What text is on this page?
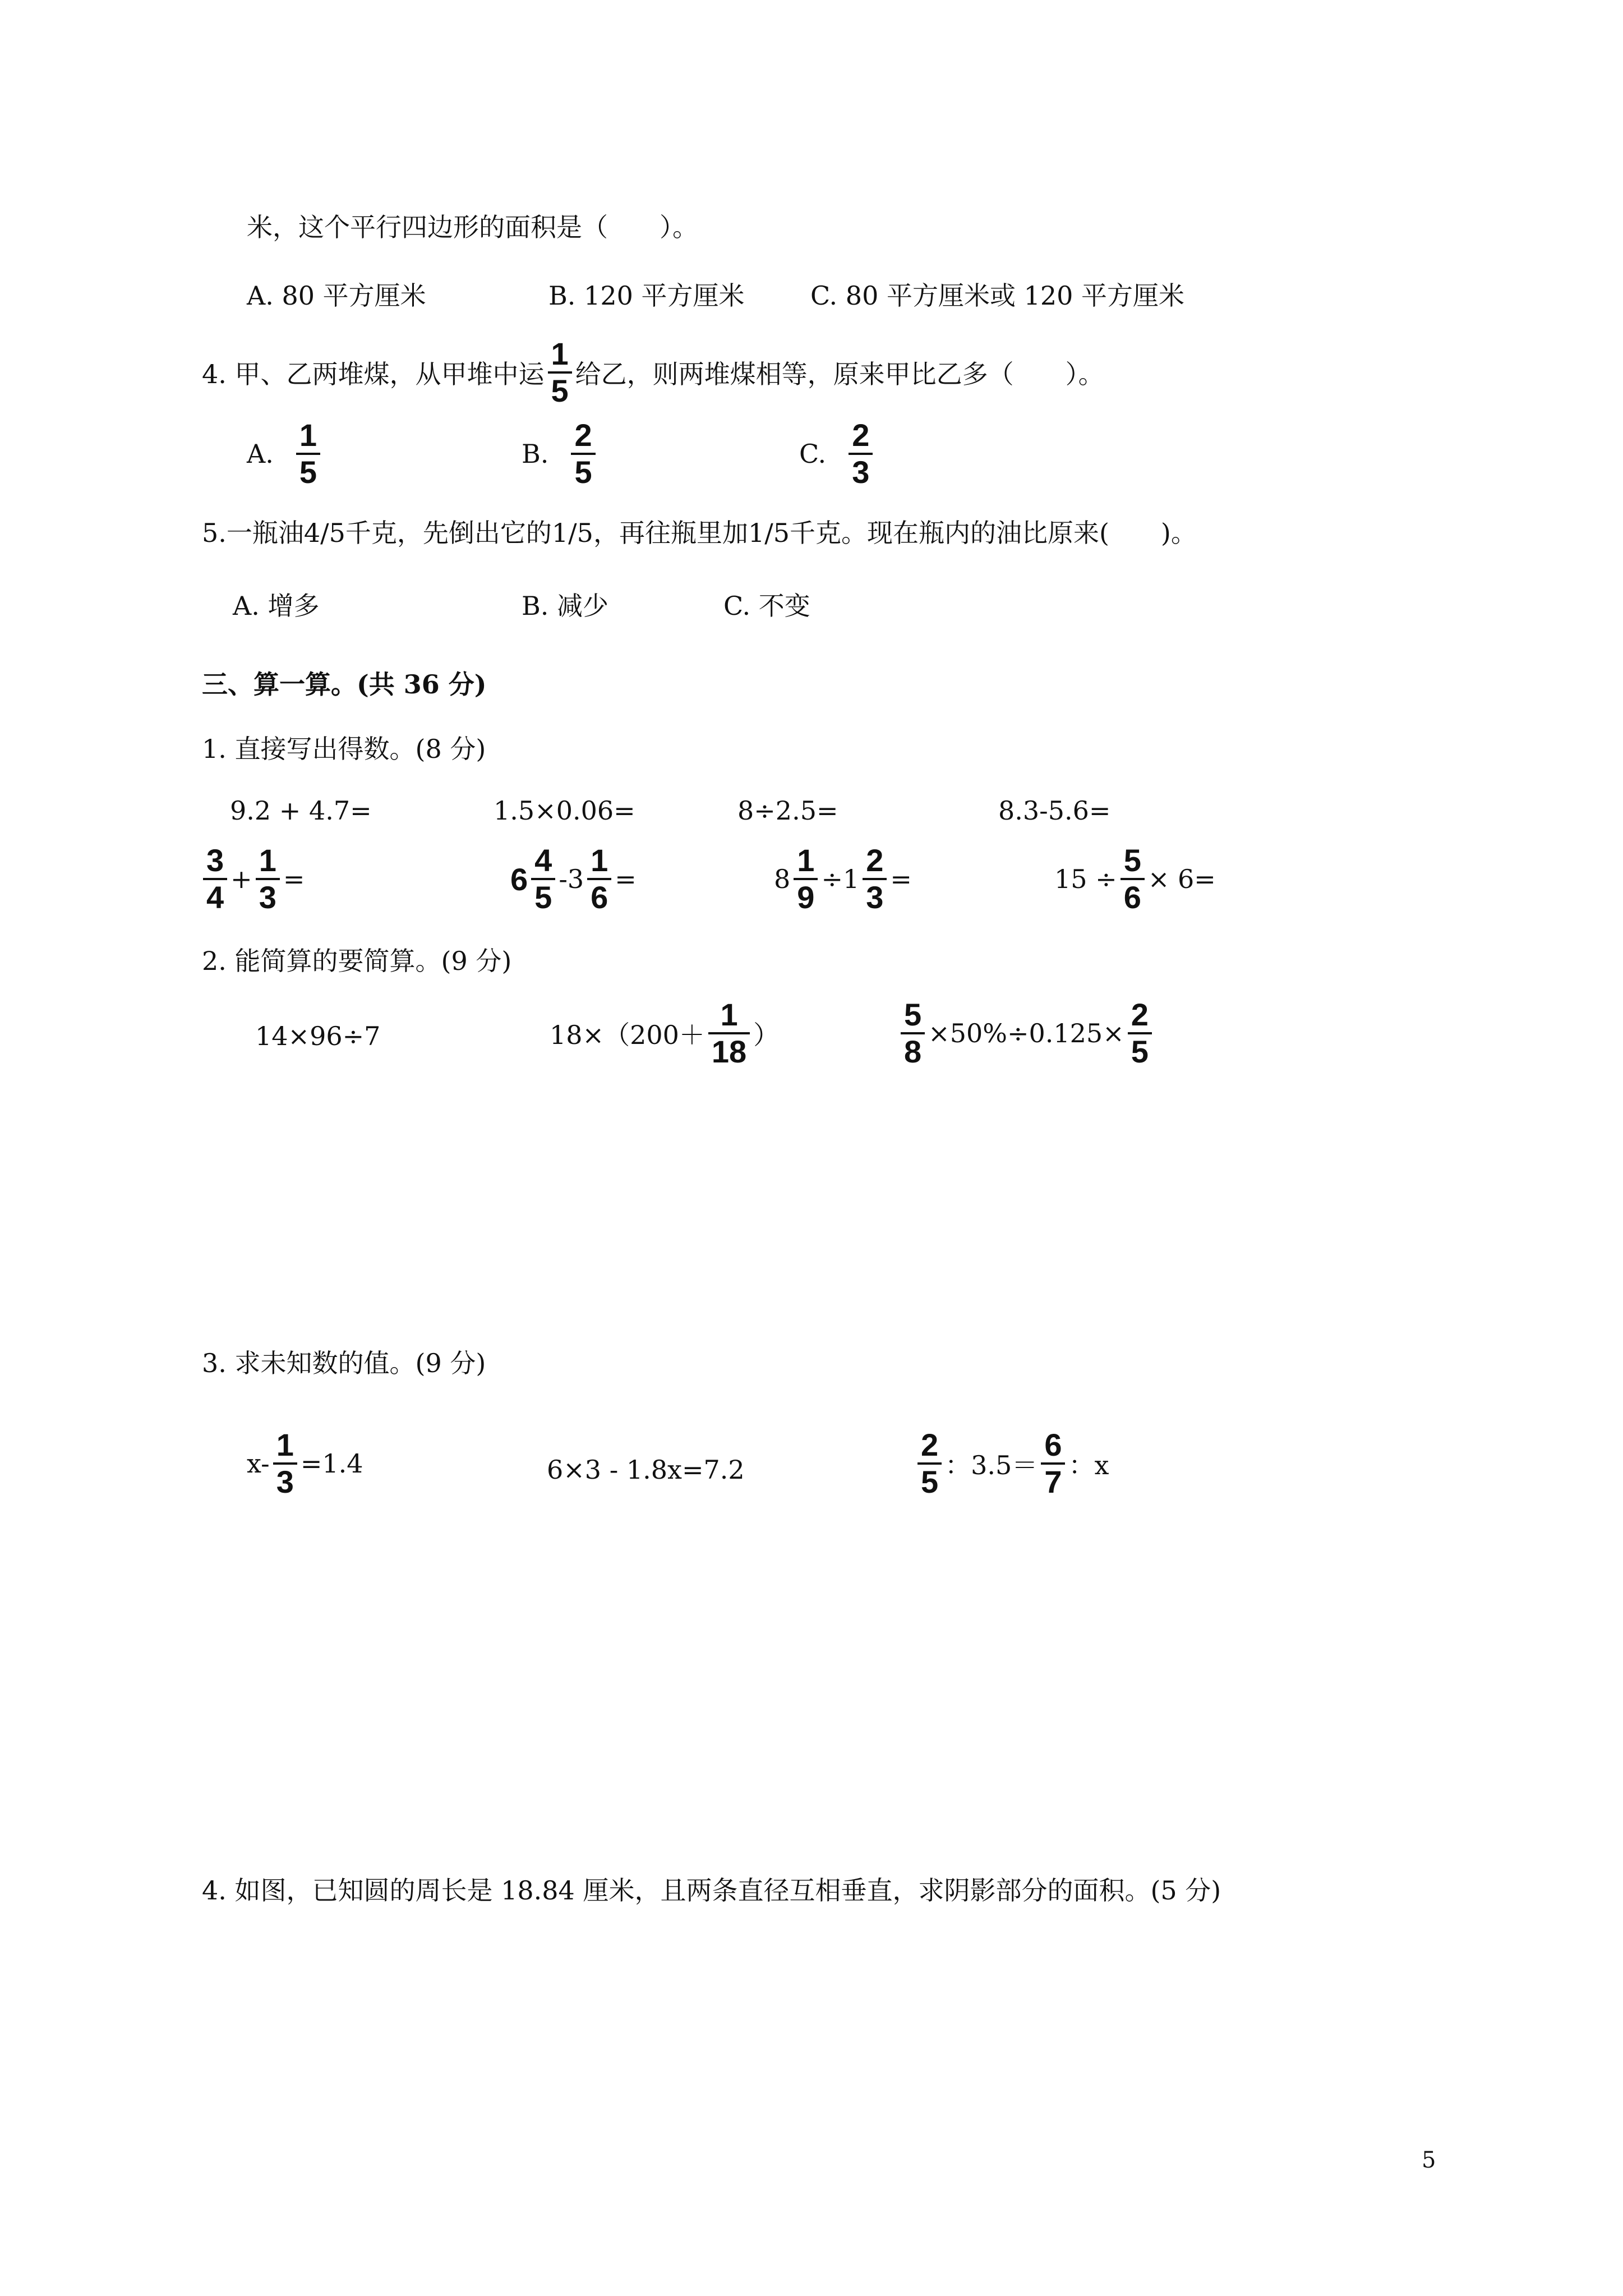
米，这个平行四边形的面积是（　　）。
A. 80 平方厘米	B. 120 平方厘米	C. 80 平方厘米或 120 平方厘米
4. 甲、乙两堆煤，从甲堆中运
1
5 给乙，则两堆煤相等，原来甲比乙多（　　）。
A.
1
5
B.
2
5
C.
2
3
5.一瓶油4/5千克，先倒出它的1/5，再往瓶里加1/5千克。现在瓶内的油比原来(　　)。
A. 增多	B. 减少	C. 不变
三、算一算。(共 36 分)
1. 直接写出得数。(8 分)
9.2 + 4.7=	1.5×0.06=	8÷2.5=	8.3-5.6=
3
4
+
1
3
=	6
4
5
-3
1
6
=	8
1
9
÷1
2
3
=	15 ÷
5
6
× 6=
2. 能简算的要简算。(9 分)
14×96÷7	18×（200＋
1
18 ）
5
8
×50%÷0.125×
2
5
3. 求未知数的值。(9 分)
x-
1
3
=1.4	6×3 - 1.8x=7.2
2
5 ：3.5＝
6
7 ：x
4. 如图，已知圆的周长是 18.84 厘米，且两条直径互相垂直，求阴影部分的面积。(5 分)
5
